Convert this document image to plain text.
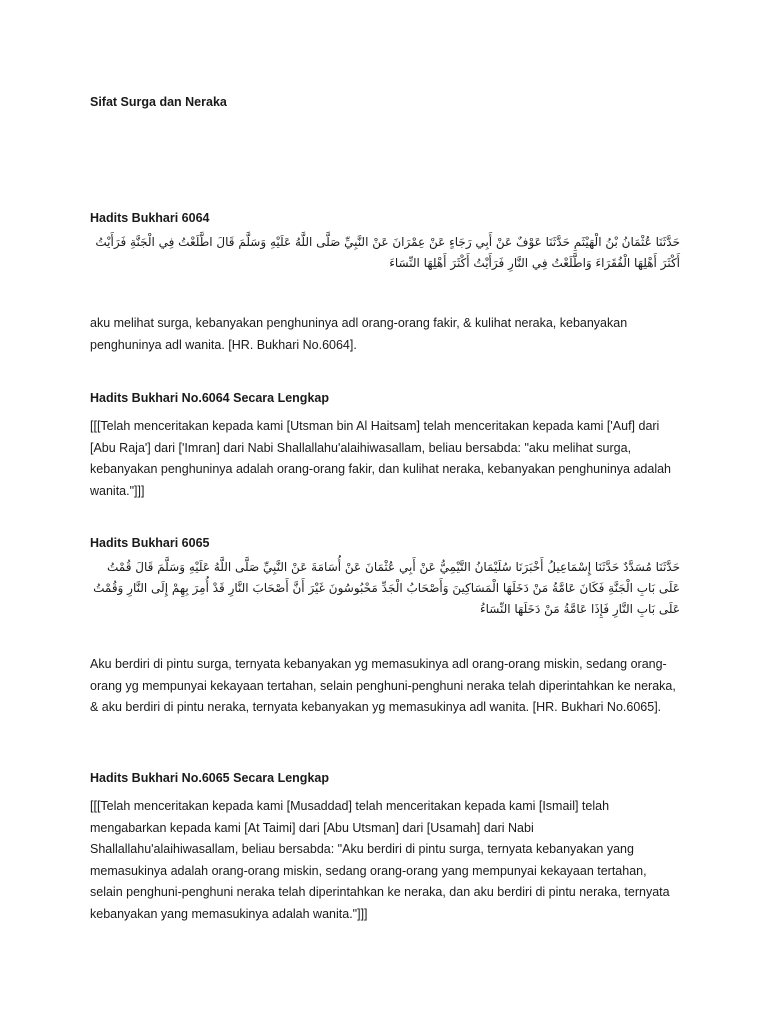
Sifat Surga dan Neraka
Hadits Bukhari 6064
حَدَّثَنَا عُثْمَانُ بْنُ الْهَيْثَمِ حَدَّثَنَا عَوْفٌ عَنْ أَبِي رَجَاءٍ عَنْ عِمْرَانَ عَنْ النَّبِيِّ صَلَّى اللَّهُ عَلَيْهِ وَسَلَّمَ قَالَ اطَّلَعْتُ فِي الْجَنَّةِ فَرَأَيْتُ أَكْثَرَ أَهْلِهَا الْفُقَرَاءَ وَاطَّلَعْتُ فِي النَّارِ فَرَأَيْتُ أَكْثَرَ أَهْلِهَا النِّسَاءَ
aku melihat surga, kebanyakan penghuninya adl orang-orang fakir, & kulihat neraka, kebanyakan penghuninya adl wanita. [HR. Bukhari No.6064].
Hadits Bukhari No.6064 Secara Lengkap
[[[Telah menceritakan kepada kami [Utsman bin Al Haitsam] telah menceritakan kepada kami ['Auf] dari [Abu Raja'] dari ['Imran] dari Nabi Shallallahu'alaihiwasallam, beliau bersabda: "aku melihat surga, kebanyakan penghuninya adalah orang-orang fakir, dan kulihat neraka, kebanyakan penghuninya adalah wanita."]]]
Hadits Bukhari 6065
حَدَّثَنَا مُسَدَّدٌ حَدَّثَنَا إِسْمَاعِيلُ أَخْبَرَنَا سُلَيْمَانُ التَّيْمِيُّ عَنْ أَبِي عُثْمَانَ عَنْ أُسَامَةَ عَنْ النَّبِيِّ صَلَّى اللَّهُ عَلَيْهِ وَسَلَّمَ قَالَ قُمْتُ عَلَى بَابِ الْجَنَّةِ فَكَانَ عَامَّةُ مَنْ دَخَلَهَا الْمَسَاكِينَ وَأَصْحَابُ الْجَدِّ مَحْبُوسُونَ غَيْرَ أَنَّ أَصْحَابَ النَّارِ قَدْ أُمِرَ بِهِمْ إِلَى النَّارِ وَقُمْتُ عَلَى بَابِ النَّارِ فَإِذَا عَامَّةُ مَنْ دَخَلَهَا النِّسَاءُ
Aku berdiri di pintu surga, ternyata kebanyakan yg memasukinya adl orang-orang miskin, sedang orang-orang yg mempunyai kekayaan tertahan, selain penghuni-penghuni neraka telah diperintahkan ke neraka, & aku berdiri di pintu neraka, ternyata kebanyakan yg memasukinya adl wanita. [HR. Bukhari No.6065].
Hadits Bukhari No.6065 Secara Lengkap
[[[Telah menceritakan kepada kami [Musaddad] telah menceritakan kepada kami [Ismail] telah mengabarkan kepada kami [At Taimi] dari [Abu Utsman] dari [Usamah] dari Nabi Shallallahu'alaihiwasallam, beliau bersabda: "Aku berdiri di pintu surga, ternyata kebanyakan yang memasukinya adalah orang-orang miskin, sedang orang-orang yang mempunyai kekayaan tertahan, selain penghuni-penghuni neraka telah diperintahkan ke neraka, dan aku berdiri di pintu neraka, ternyata kebanyakan yang memasukinya adalah wanita."]]]
